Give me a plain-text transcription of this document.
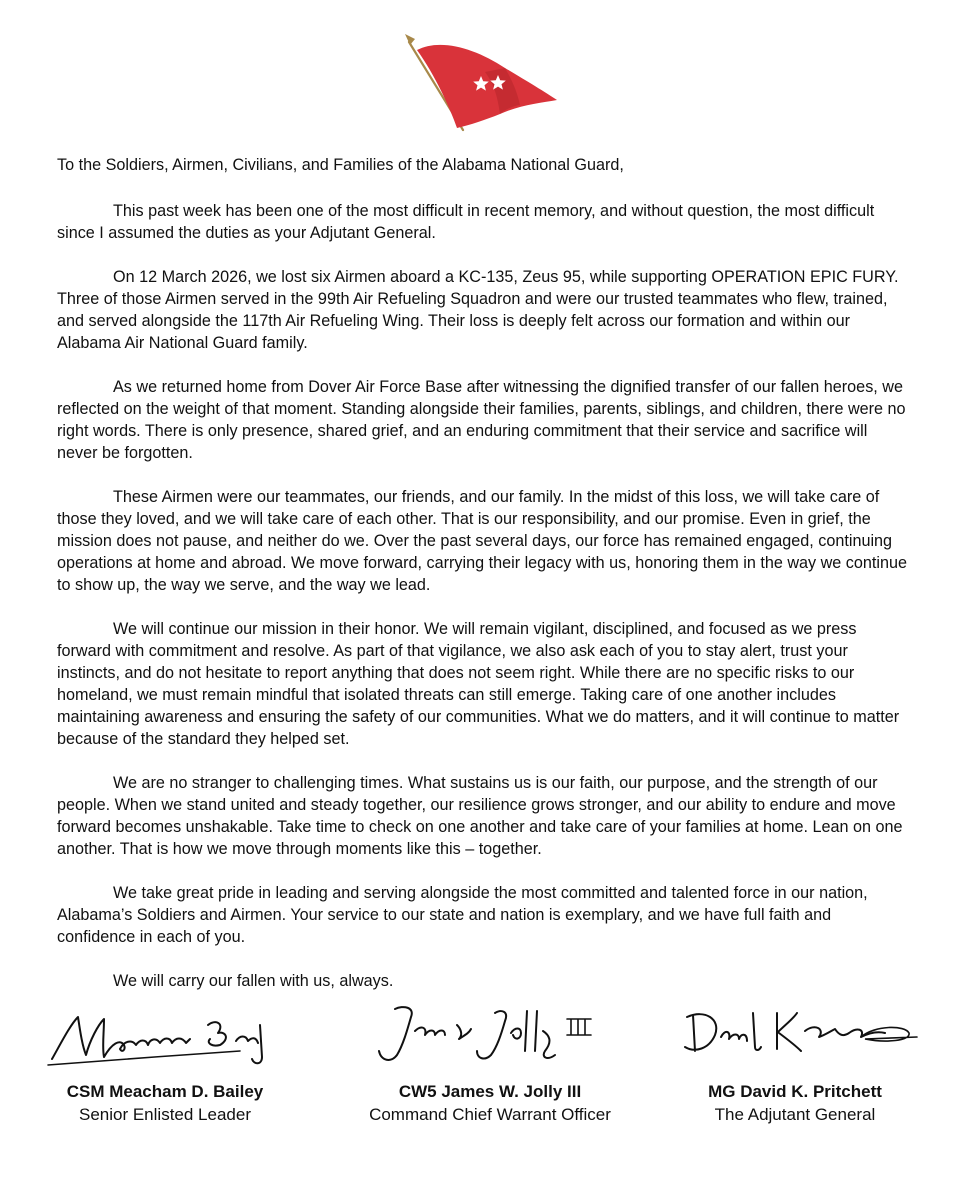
To the Soldiers, Airmen, Civilians, and Families of the Alabama National Guard,

This past week has been one of the most difficult in recent memory, and without question, the most difficult since I assumed the duties as your Adjutant General.

On 12 March 2026, we lost six Airmen aboard a KC-135, Zeus 95, while supporting OPERATION EPIC FURY. Three of those Airmen served in the 99th Air Refueling Squadron and were our trusted teammates who flew, trained, and served alongside the 117th Air Refueling Wing. Their loss is deeply felt across our formation and within our Alabama Air National Guard family.

As we returned home from Dover Air Force Base after witnessing the dignified transfer of our fallen heroes, we reflected on the weight of that moment. Standing alongside their families, parents, siblings, and children, there were no right words. There is only presence, shared grief, and an enduring commitment that their service and sacrifice will never be forgotten.

These Airmen were our teammates, our friends, and our family. In the midst of this loss, we will take care of those they loved, and we will take care of each other. That is our responsibility, and our promise. Even in grief, the mission does not pause, and neither do we. Over the past several days, our force has remained engaged, continuing operations at home and abroad. We move forward, carrying their legacy with us, honoring them in the way we continue to show up, the way we serve, and the way we lead.

We will continue our mission in their honor. We will remain vigilant, disciplined, and focused as we press forward with commitment and resolve. As part of that vigilance, we also ask each of you to stay alert, trust your instincts, and do not hesitate to report anything that does not seem right. While there are no specific risks to our homeland, we must remain mindful that isolated threats can still emerge. Taking care of one another includes maintaining awareness and ensuring the safety of our communities. What we do matters, and it will continue to matter because of the standard they helped set.

We are no stranger to challenging times. What sustains us is our faith, our purpose, and the strength of our people. When we stand united and steady together, our resilience grows stronger, and our ability to endure and move forward becomes unshakable. Take time to check on one another and take care of your families at home. Lean on one another. That is how we move through moments like this – together.

We take great pride in leading and serving alongside the most committed and talented force in our nation, Alabama’s Soldiers and Airmen. Your service to our state and nation is exemplary, and we have full faith and confidence in each of you.

We will carry our fallen with us, always.

CSM Meacham D. Bailey
Senior Enlisted Leader
CW5 James W. Jolly III
Command Chief Warrant Officer
MG David K. Pritchett
The Adjutant General
